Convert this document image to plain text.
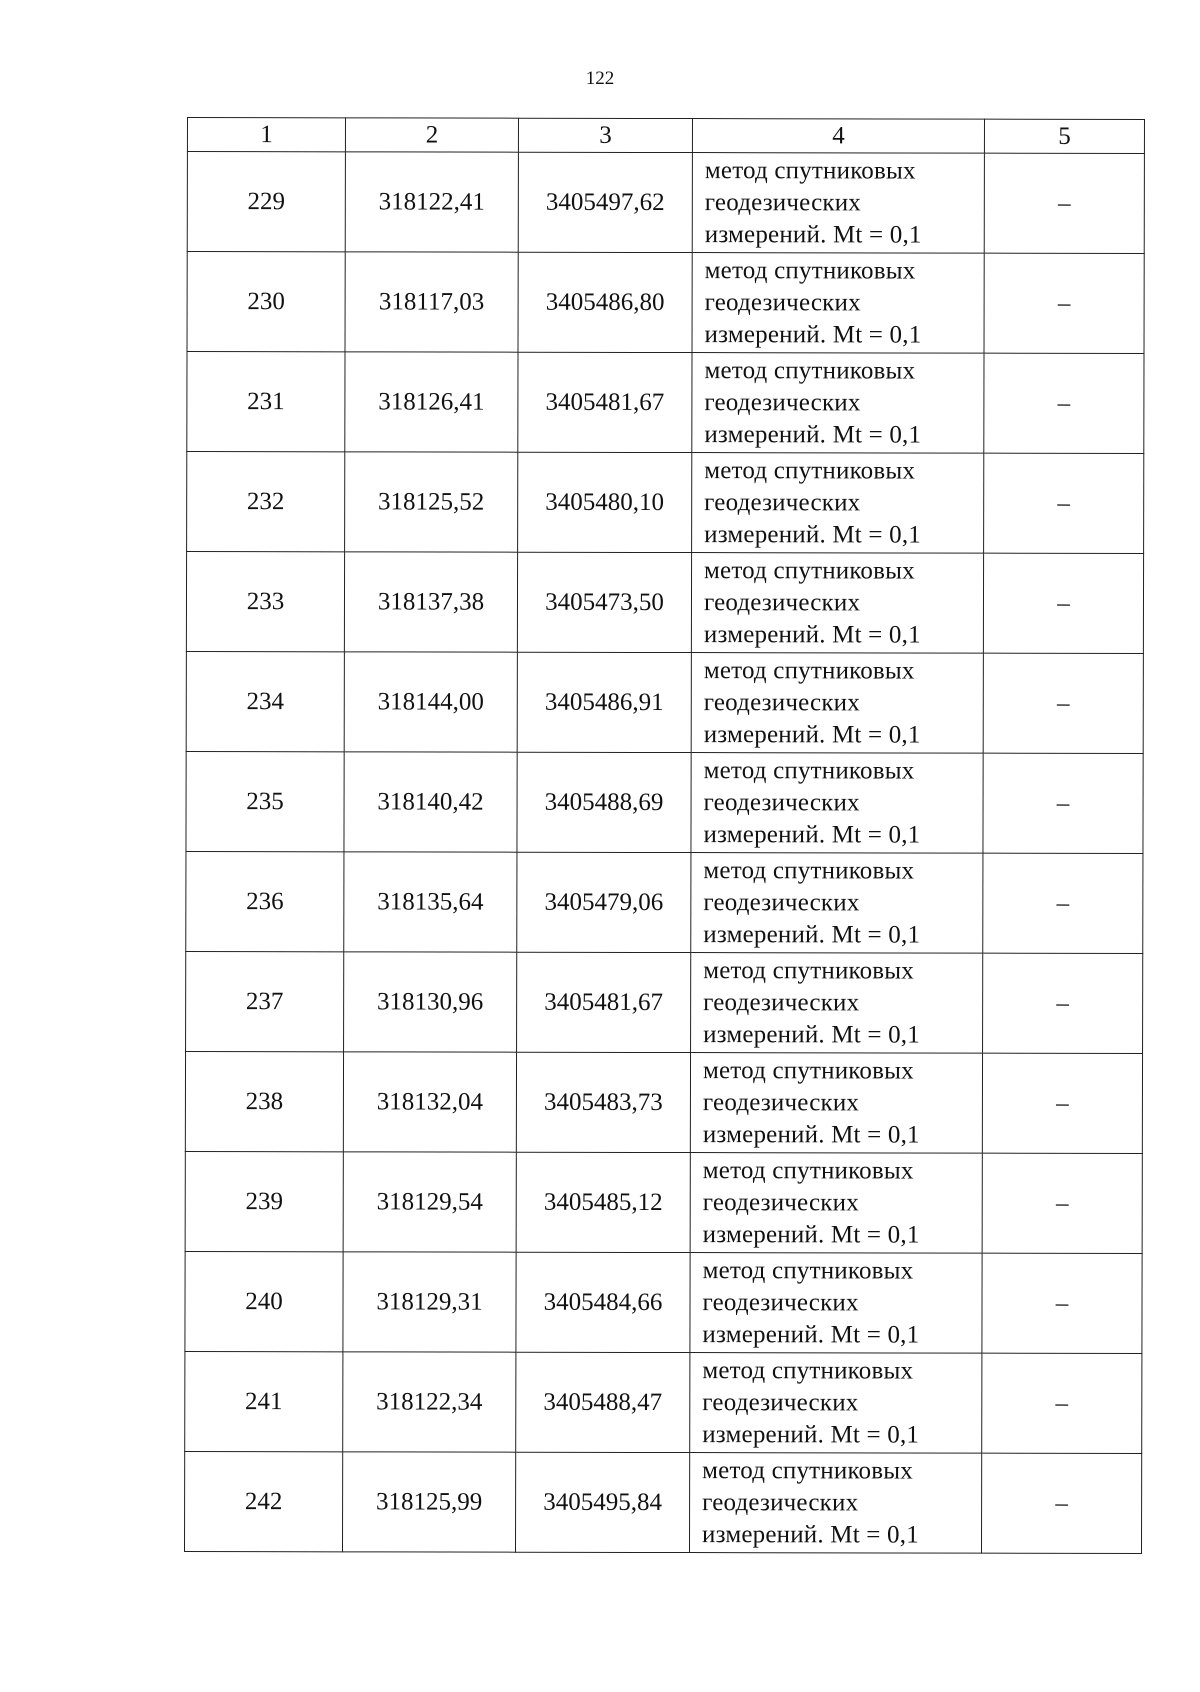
122
1	2	3	4	5
229	318122,41	3405497,62	метод спутниковых
геодезических
измерений. Mt = 0,1	–
230	318117,03	3405486,80	метод спутниковых
геодезических
измерений. Mt = 0,1	–
231	318126,41	3405481,67	метод спутниковых
геодезических
измерений. Mt = 0,1	–
232	318125,52	3405480,10	метод спутниковых
геодезических
измерений. Mt = 0,1	–
233	318137,38	3405473,50	метод спутниковых
геодезических
измерений. Mt = 0,1	–
234	318144,00	3405486,91	метод спутниковых
геодезических
измерений. Mt = 0,1	–
235	318140,42	3405488,69	метод спутниковых
геодезических
измерений. Mt = 0,1	–
236	318135,64	3405479,06	метод спутниковых
геодезических
измерений. Mt = 0,1	–
237	318130,96	3405481,67	метод спутниковых
геодезических
измерений. Mt = 0,1	–
238	318132,04	3405483,73	метод спутниковых
геодезических
измерений. Mt = 0,1	–
239	318129,54	3405485,12	метод спутниковых
геодезических
измерений. Mt = 0,1	–
240	318129,31	3405484,66	метод спутниковых
геодезических
измерений. Mt = 0,1	–
241	318122,34	3405488,47	метод спутниковых
геодезических
измерений. Mt = 0,1	–
242	318125,99	3405495,84	метод спутниковых
геодезических
измерений. Mt = 0,1	–
